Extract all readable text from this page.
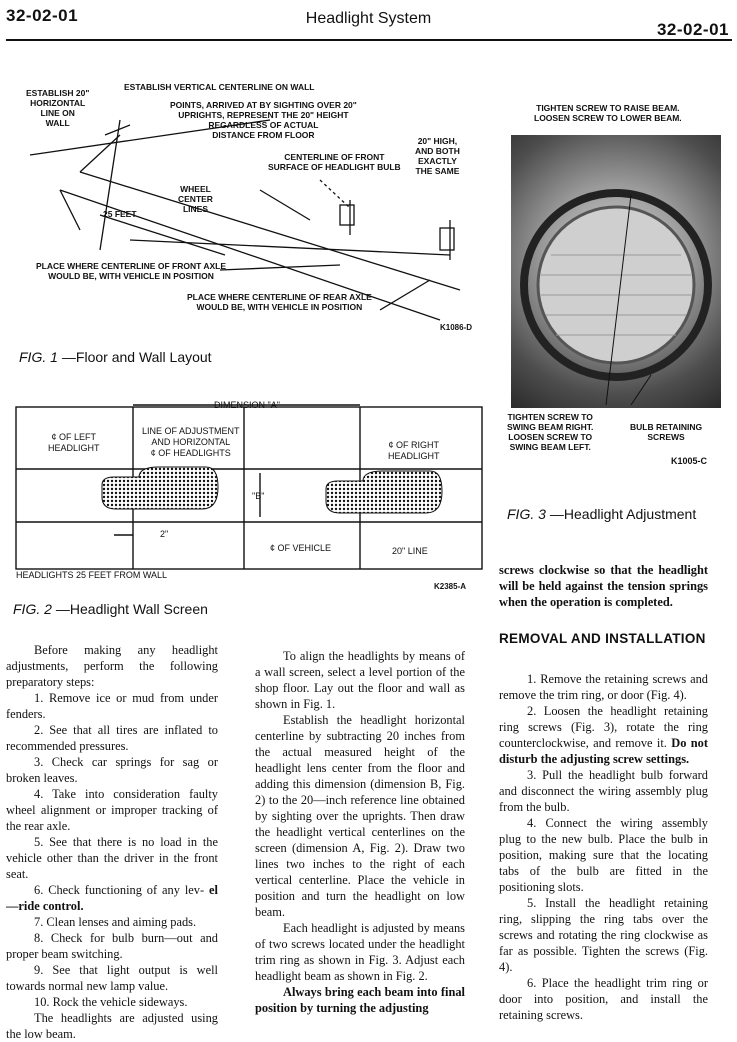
32-02-01	Headlight System
32-02-01
ESTABLISH 20"
HORIZONTAL
LINE ON
WALL
ESTABLISH VERTICAL CENTERLINE ON WALL
POINTS, ARRIVED AT BY SIGHTING OVER 20"
UPRIGHTS, REPRESENT THE 20" HEIGHT
REGARDLESS OF ACTUAL
DISTANCE FROM FLOOR
CENTERLINE OF FRONT
SURFACE OF HEADLIGHT BULB
20" HIGH,
AND BOTH
EXACTLY
THE SAME
WHEEL
CENTER
LINES
25 FEET
PLACE WHERE CENTERLINE OF FRONT AXLE
WOULD BE, WITH VEHICLE IN POSITION
PLACE WHERE CENTERLINE OF REAR AXLE
WOULD BE, WITH VEHICLE IN POSITION
K1086-D
FIG. 1 —Floor and Wall Layout
DIMENSION "A"
¢ OF LEFT
HEADLIGHT
LINE OF ADJUSTMENT
AND HORIZONTAL
¢ OF HEADLIGHTS
¢ OF RIGHT
HEADLIGHT
"B"
2"
¢ OF VEHICLE	20" LINE
HEADLIGHTS 25 FEET FROM WALL
K2385-A
FIG. 2 —Headlight Wall Screen
TIGHTEN SCREW TO RAISE BEAM.
LOOSEN SCREW TO LOWER BEAM.
TIGHTEN SCREW TO
SWING BEAM RIGHT.
LOOSEN SCREW TO
SWING BEAM LEFT.
BULB RETAINING
SCREWS
K1005-C
FIG. 3 —Headlight Adjustment

Before making any headlight adjustments, perform the following preparatory steps:

1. Remove ice or mud from under fenders.

2. See that all tires are inflated to recommended pressures.

3. Check car springs for sag or broken leaves.

4. Take into consideration faulty wheel alignment or improper tracking of the rear axle.

5. See that there is no load in the vehicle other than the driver in the front seat.

6. Check functioning of any lev- el—ride control.

7. Clean lenses and aiming pads.

8. Check for bulb burn—out and proper beam switching.

9. See that light output is well towards normal new lamp value.

10. Rock the vehicle sideways.

The headlights are adjusted using the low beam.

To align the headlights by means of a wall screen, select a level portion of the shop floor. Lay out the floor and wall as shown in Fig. 1.

Establish the headlight horizontal centerline by subtracting 20 inches from the actual measured height of the headlight lens center from the floor and adding this dimension (dimension B, Fig. 2) to the 20—inch reference line obtained by sighting over the uprights. Then draw the headlight vertical centerlines on the screen (dimension A, Fig. 2). Draw two lines two inches to the right of each vertical centerline. Place the vehicle in position and turn the headlight on low beam.

Each headlight is adjusted by means of two screws located under the headlight trim ring as shown in Fig. 3. Adjust each headlight beam as shown in Fig. 2.

Always bring each beam into final position by turning the adjusting

screws clockwise so that the headlight will be held against the tension springs when the operation is completed.

REMOVAL AND INSTALLATION

1. Remove the retaining screws and remove the trim ring, or door (Fig. 4).

2. Loosen the headlight retaining ring screws (Fig. 3), rotate the ring counterclockwise, and remove it. Do not disturb the adjusting screw settings.

3. Pull the headlight bulb forward and disconnect the wiring assembly plug from the bulb.

4. Connect the wiring assembly plug to the new bulb. Place the bulb in position, making sure that the locating tabs of the bulb are fitted in the positioning slots.

5. Install the headlight retaining ring, slipping the ring tabs over the screws and rotating the ring clockwise as far as possible. Tighten the screws (Fig. 4).

6. Place the headlight trim ring or door into position, and install the retaining screws.
